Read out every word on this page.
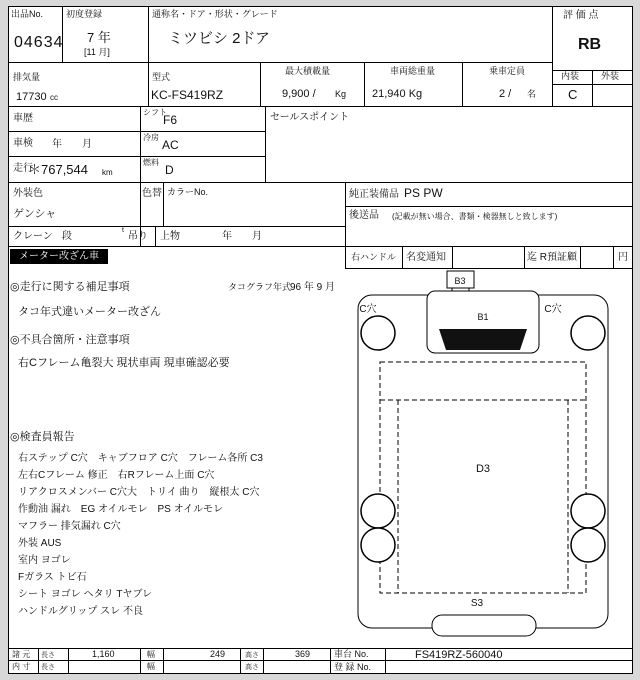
出品No.
04634
初度登録
7 年
[11 月]
通称名・ドア・形状・グレード
ミツビシ 2ドア
評 価 点
RB
内装 外装
C
排気量
17730 cc
型式
KC-FS419RZ
最大積載量
9,900 / Kg
車両総重量
21,940 Kg
乗車定員
2 / 名
車歴
シフト
F6	セールスポイント
車検 年　　月
冷房
AC
走行
＊767,544 km
燃料
D
外装色
ゲンシャ
色替 カラーNo.	純正装備品 PS PW
後送品 (記載が無い場合、書類・検器無しと致します)
クレーン 段
t
吊り 上物	年　　月
メーター改ざん車	右ハンドル	名変通知	迄 R預証顧	円
◎走行に関する補足事項	タコグラフ年式
96 年 9 月
タコ年式違いメーター改ざん
◎不具合箇所・注意事項
右Cフレーム亀裂大 現状車両 現車確認必要
◎検査員報告
右ステップ C穴　キャブフロア C穴　フレーム各所 C3
左右Cフレーム 修正　右Rフレーム上面 C穴
リアクロスメンバー C穴大　トリイ 曲り　縦根太 C穴
作動油 漏れ　EG オイルモレ　PS オイルモレ
マフラー 排気漏れ C穴
外装 AUS
室内 ヨゴレ
Fガラス トビ石
シート ヨゴレ ヘタリ Tヤブレ
ハンドルグリップ スレ 不良
B3
B1
C穴	C穴
D3
S3
諸 元 長さ	1,160	幅	249	高さ	369	車台 No.	FS419RZ-560040
内 寸 長さ	幅	高さ	登 録 No.
